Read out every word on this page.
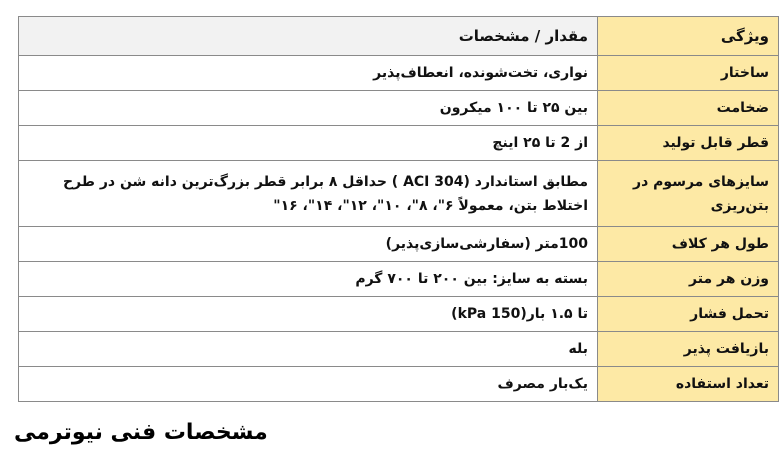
ویژگی	مقدار / مشخصات
ساختار	نواری، تخت‌شونده، انعطاف‌پذیر
ضخامت	بین ۲۵ تا ۱۰۰ میکرون
قطر قابل تولید	از 2 تا ۲۵ اینچ
سایزهای مرسوم در بتن‌ریزی	مطابق استاندارد (ACI 304 ) حداقل ۸ برابر قطر بزرگ‌ترین دانه شن در طرح اختلاط بتن، معمولاً ۶"، ۸"، ۱۰"، ۱۲"، ۱۴"، ۱۶"
طول هر کلاف	100متر (سفارشی‌سازی‌پذیر)
وزن هر متر	بسته به سایز: بین ۲۰۰ تا ۷۰۰ گرم
تحمل فشار	تا ۱.۵ بار(150 kPa)
بازیافت پذیر	بله
تعداد استفاده	یک‌بار مصرف

مشخصات فنی نیوترمی
